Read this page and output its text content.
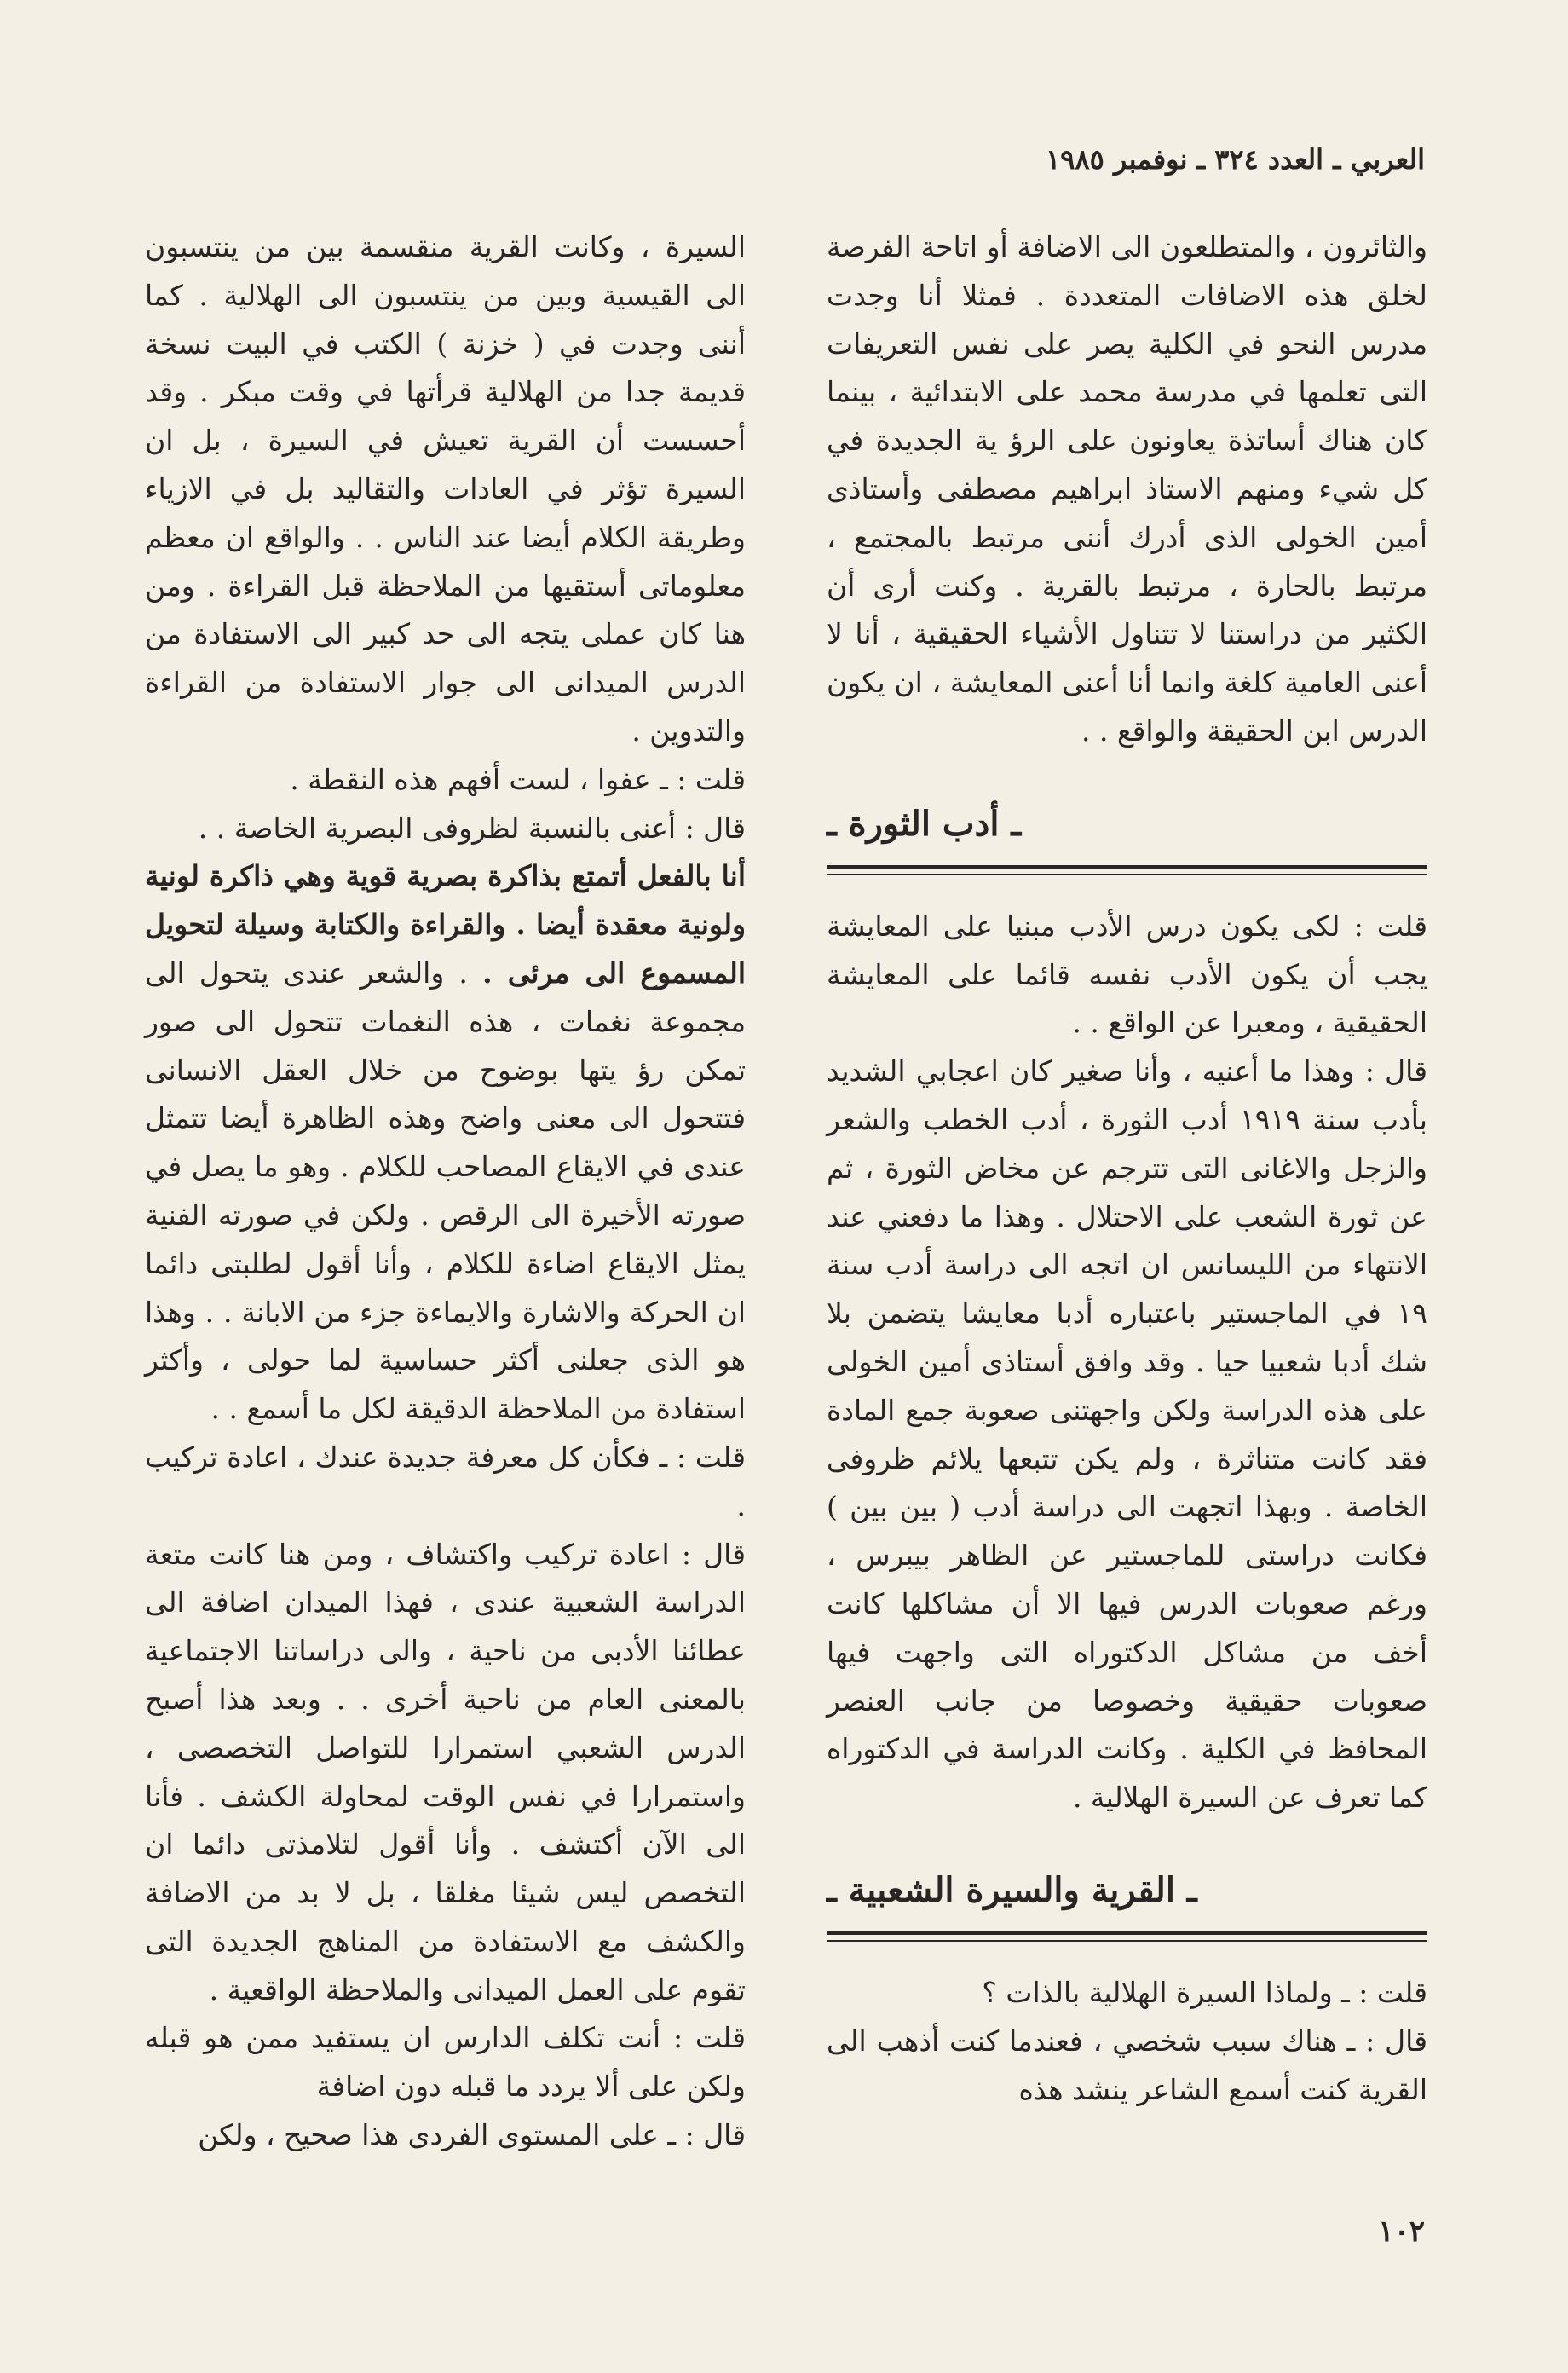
العربي ـ العدد ٣٢٤ ـ نوفمبر ١٩٨٥

والثائرون ، والمتطلعون الى الاضافة أو اتاحة الفرصة لخلق هذه الاضافات المتعددة . فمثلا أنا وجدت مدرس النحو في الكلية يصر على نفس التعريفات التى تعلمها في مدرسة محمد على الابتدائية ، بينما كان هناك أساتذة يعاونون على الرؤ ية الجديدة في كل شيء ومنهم الاستاذ ابراهيم مصطفى وأستاذى أمين الخولى الذى أدرك أننى مرتبط بالمجتمع ، مرتبط بالحارة ، مرتبط بالقرية . وكنت أرى أن الكثير من دراستنا لا تتناول الأشياء الحقيقية ، أنا لا أعنى العامية كلغة وانما أنا أعنى المعايشة ، ان يكون الدرس ابن الحقيقة والواقع . .

ـ أدب الثورة ـ

قلت : لكى يكون درس الأدب مبنيا على المعايشة يجب أن يكون الأدب نفسه قائما على المعايشة الحقيقية ، ومعبرا عن الواقع . .

قال : وهذا ما أعنيه ، وأنا صغير كان اعجابي الشديد بأدب سنة ١٩١٩ أدب الثورة ، أدب الخطب والشعر والزجل والاغانى التى تترجم عن مخاض الثورة ، ثم عن ثورة الشعب على الاحتلال . وهذا ما دفعني عند الانتهاء من الليسانس ان اتجه الى دراسة أدب سنة ١٩ في الماجستير باعتباره أدبا معايشا يتضمن بلا شك أدبا شعبيا حيا . وقد وافق أستاذى أمين الخولى على هذه الدراسة ولكن واجهتنى صعوبة جمع المادة فقد كانت متناثرة ، ولم يكن تتبعها يلائم ظروفى الخاصة . وبهذا اتجهت الى دراسة أدب ( بين بين ) فكانت دراستى للماجستير عن الظاهر بيبرس ، ورغم صعوبات الدرس فيها الا أن مشاكلها كانت أخف من مشاكل الدكتوراه التى واجهت فيها صعوبات حقيقية وخصوصا من جانب العنصر المحافظ في الكلية . وكانت الدراسة في الدكتوراه كما تعرف عن السيرة الهلالية .

ـ القرية والسيرة الشعبية ـ

قلت : ـ ولماذا السيرة الهلالية بالذات ؟

قال : ـ هناك سبب شخصي ، فعندما كنت أذهب الى القرية كنت أسمع الشاعر ينشد هذه

السيرة ، وكانت القرية منقسمة بين من ينتسبون الى القيسية وبين من ينتسبون الى الهلالية . كما أننى وجدت في ( خزنة ) الكتب في البيت نسخة قديمة جدا من الهلالية قرأتها في وقت مبكر . وقد أحسست أن القرية تعيش في السيرة ، بل ان السيرة تؤثر في العادات والتقاليد بل في الازياء وطريقة الكلام أيضا عند الناس . . والواقع ان معظم معلوماتى أستقيها من الملاحظة قبل القراءة . ومن هنا كان عملى يتجه الى حد كبير الى الاستفادة من الدرس الميدانى الى جوار الاستفادة من القراءة والتدوين .

قلت : ـ عفوا ، لست أفهم هذه النقطة .

قال : أعنى بالنسبة لظروفى البصرية الخاصة . .

أنا بالفعل أتمتع بذاكرة بصرية قوية وهي ذاكرة لونية ولونية معقدة أيضا . والقراءة والكتابة وسيلة لتحويل المسموع الى مرئى . . والشعر عندى يتحول الى مجموعة نغمات ، هذه النغمات تتحول الى صور تمكن رؤ يتها بوضوح من خلال العقل الانسانى فتتحول الى معنى واضح وهذه الظاهرة أيضا تتمثل عندى في الايقاع المصاحب للكلام . وهو ما يصل في صورته الأخيرة الى الرقص . ولكن في صورته الفنية يمثل الايقاع اضاءة للكلام ، وأنا أقول لطلبتى دائما ان الحركة والاشارة والايماءة جزء من الابانة . . وهذا هو الذى جعلنى أكثر حساسية لما حولى ، وأكثر استفادة من الملاحظة الدقيقة لكل ما أسمع . .

قلت : ـ فكأن كل معرفة جديدة عندك ، اعادة تركيب .

قال : اعادة تركيب واكتشاف ، ومن هنا كانت متعة الدراسة الشعبية عندى ، فهذا الميدان اضافة الى عطائنا الأدبى من ناحية ، والى دراساتنا الاجتماعية بالمعنى العام من ناحية أخرى . . وبعد هذا أصبح الدرس الشعبي استمرارا للتواصل التخصصى ، واستمرارا في نفس الوقت لمحاولة الكشف . فأنا الى الآن أكتشف . وأنا أقول لتلامذتى دائما ان التخصص ليس شيئا مغلقا ، بل لا بد من الاضافة والكشف مع الاستفادة من المناهج الجديدة التى تقوم على العمل الميدانى والملاحظة الواقعية .

قلت : أنت تكلف الدارس ان يستفيد ممن هو قبله ولكن على ألا يردد ما قبله دون اضافة

قال : ـ على المستوى الفردى هذا صحيح ، ولكن

١٠٢
